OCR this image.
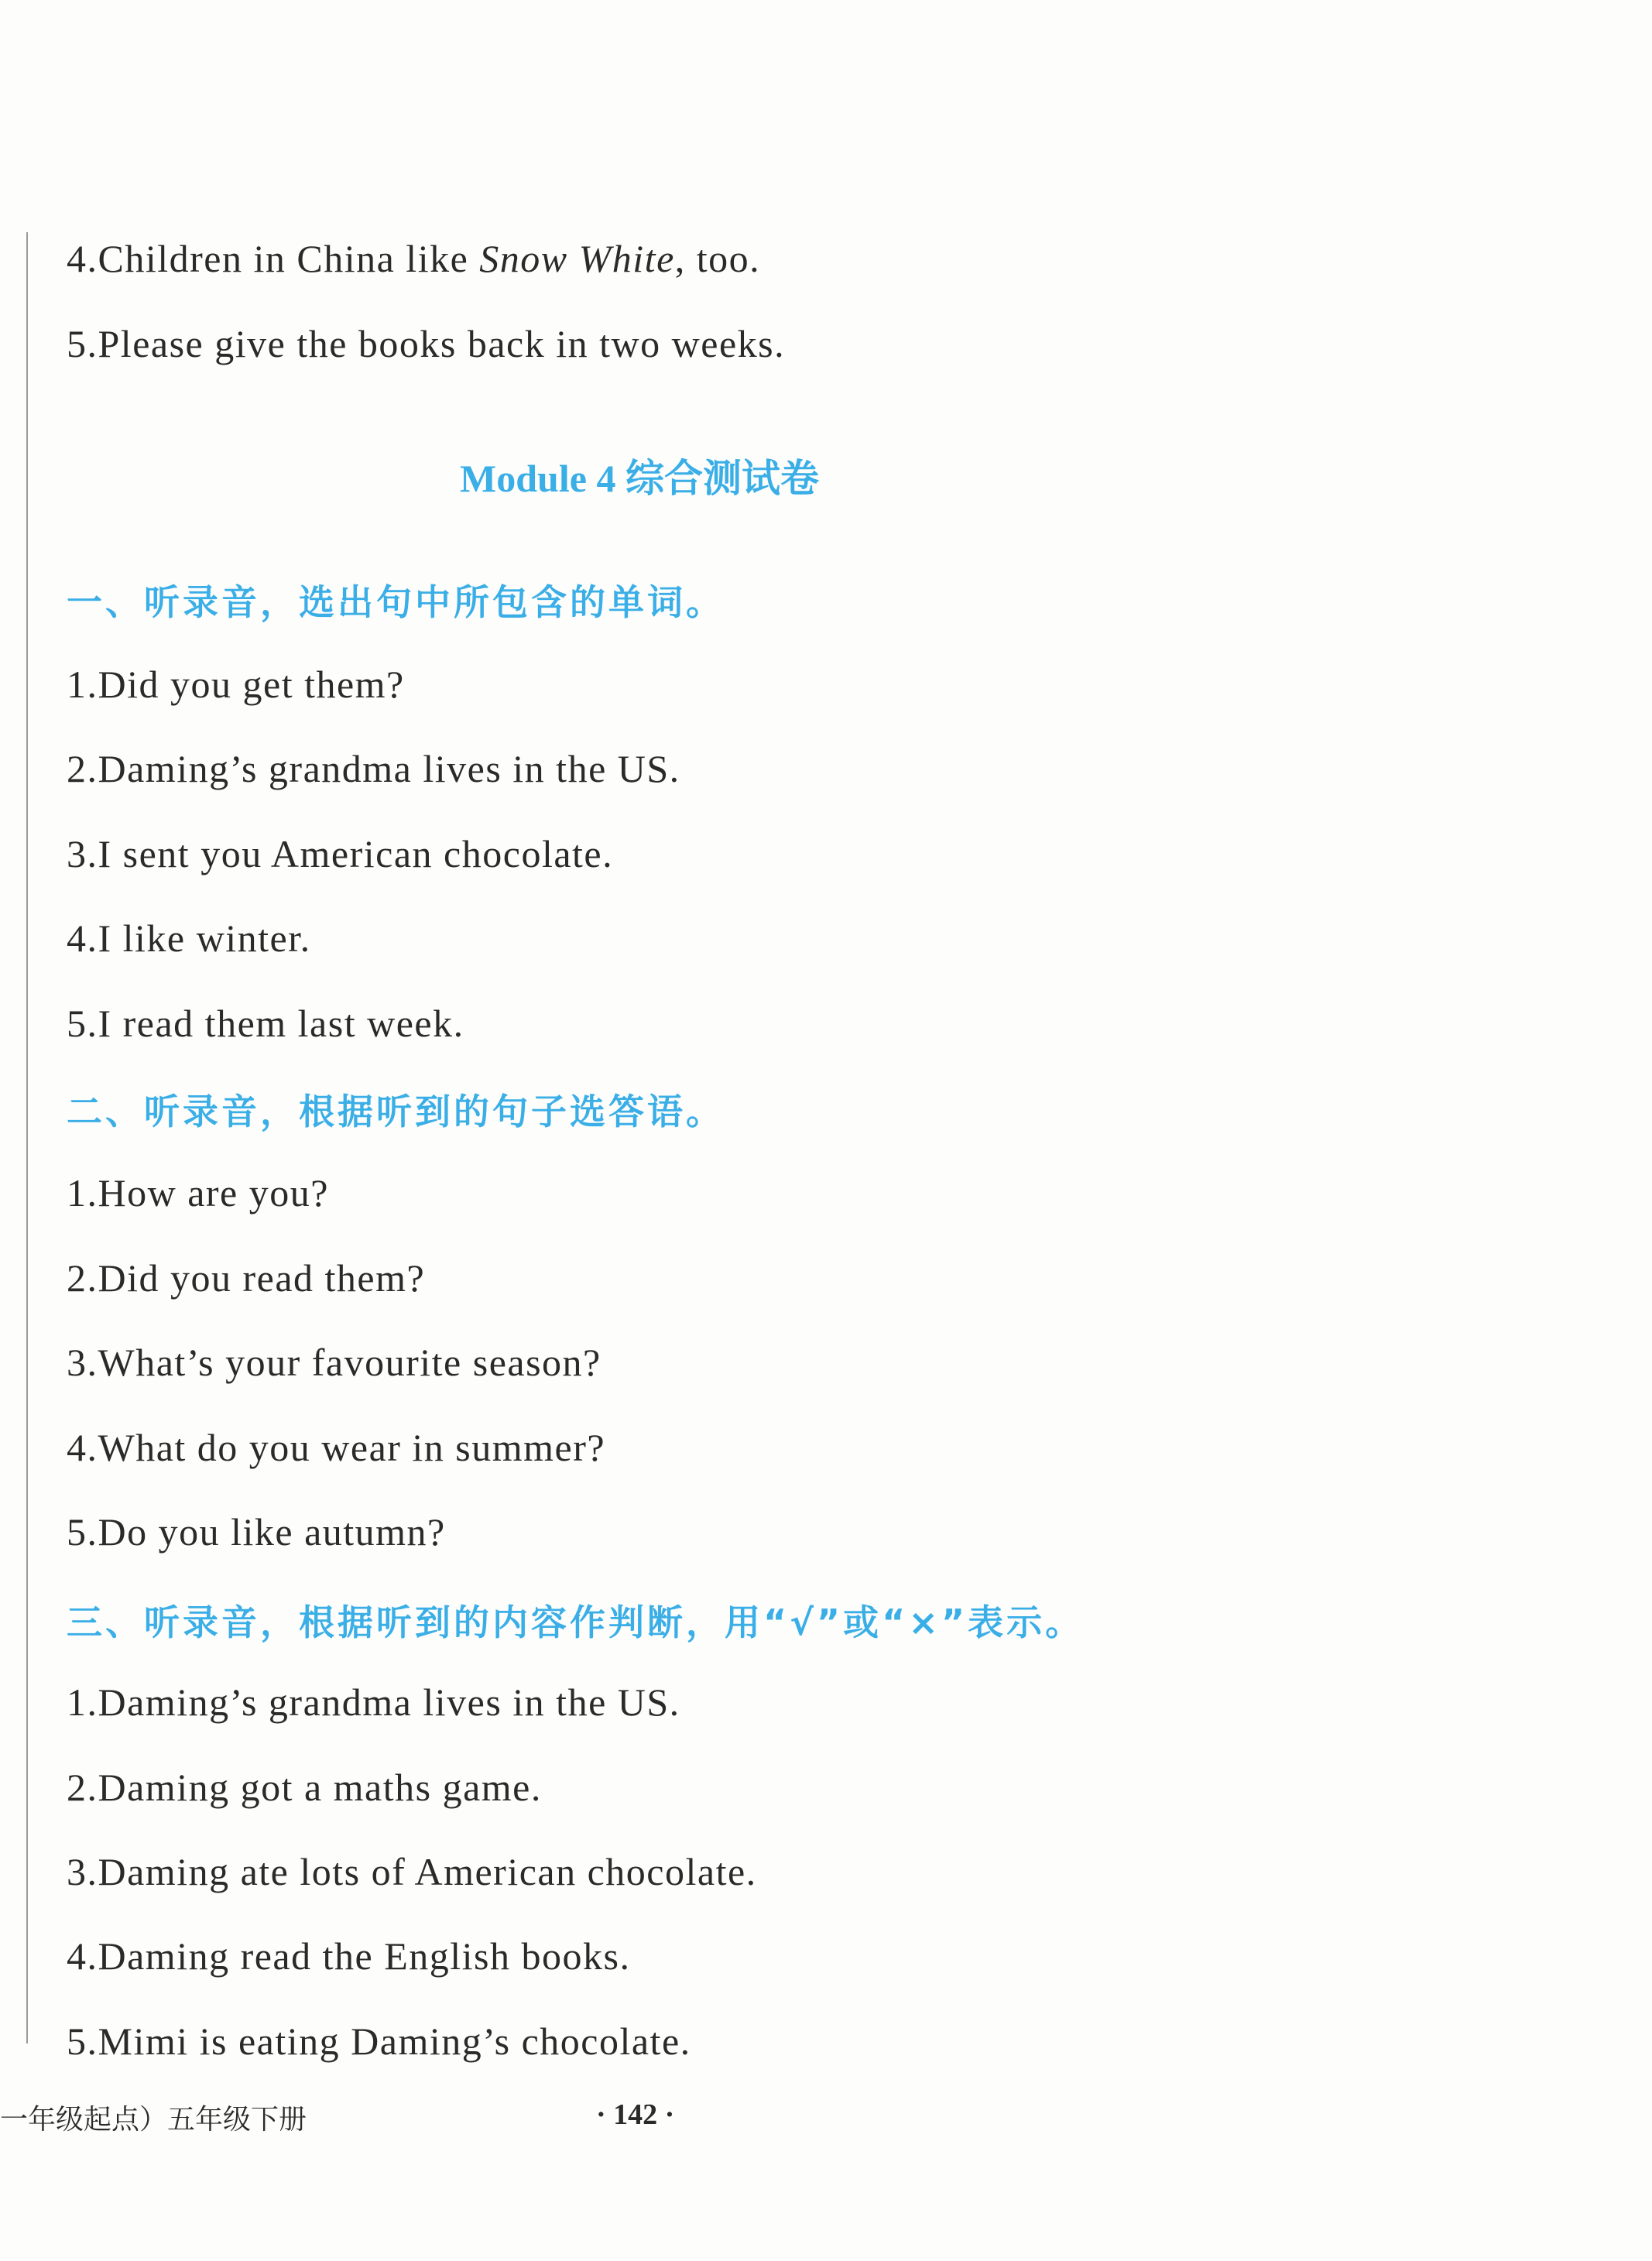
4.Children in China like Snow White, too.
5.Please give the books back in two weeks.
Module 4 综合测试卷
一、听录音，选出句中所包含的单词。
1.Did you get them?
2.Daming’s grandma lives in the US.
3.I sent you American chocolate.
4.I like winter.
5.I read them last week.
二、听录音，根据听到的句子选答语。
1.How are you?
2.Did you read them?
3.What’s your favourite season?
4.What do you wear in summer?
5.Do you like autumn?
三、听录音，根据听到的内容作判断，用“√”或“×”表示。
1.Daming’s grandma lives in the US.
2.Daming got a maths game.
3.Daming ate lots of American chocolate.
4.Daming read the English books.
5.Mimi is eating Daming’s chocolate.
一年级起点）五年级下册	· 142 ·
